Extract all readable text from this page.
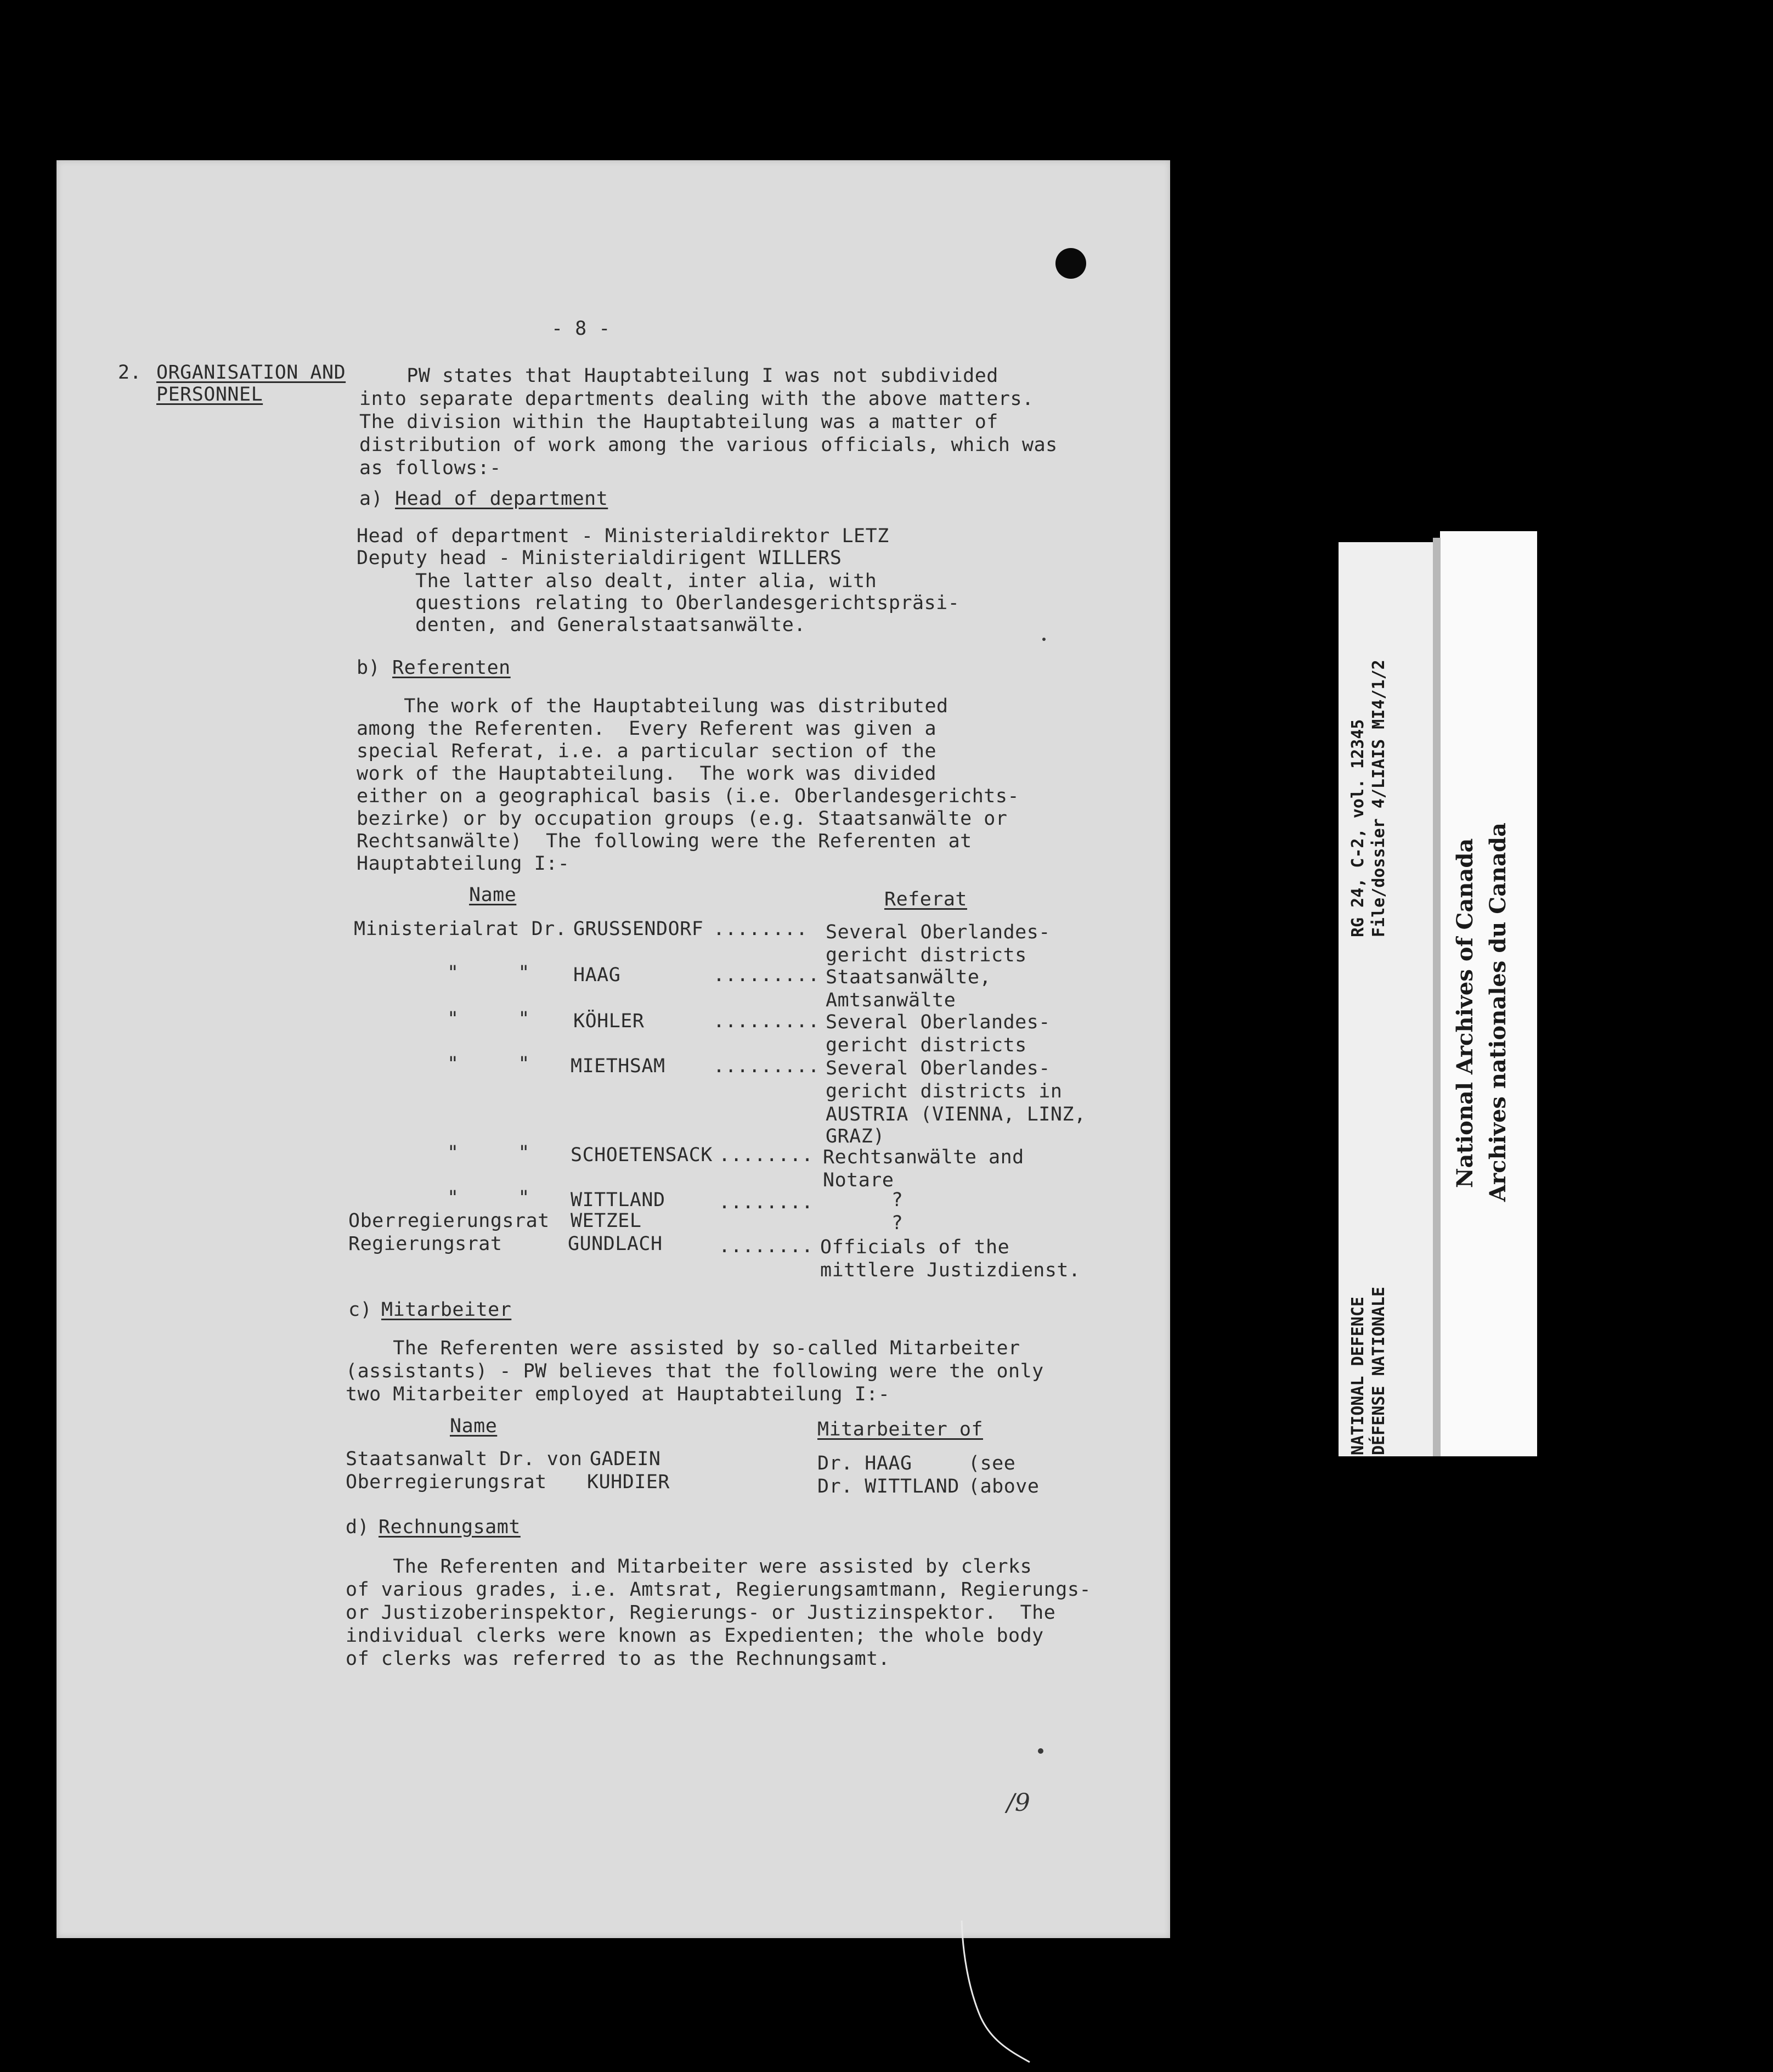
- 8 -
2. ORGANISATION AND
PERSONNEL
PW states that Hauptabteilung I was not subdivided
into separate departments dealing with the above matters.
The division within the Hauptabteilung was a matter of
distribution of work among the various officials, which was
as follows:-
a) Head of department
Head of department - Ministerialdirektor LETZ
Deputy head - Ministerialdirigent WILLERS
The latter also dealt, inter alia, with
questions relating to Oberlandesgerichtspräsi-
denten, and Generalstaatsanwälte.
b) Referenten
The work of the Hauptabteilung was distributed
among the Referenten.  Every Referent was given a
special Referat, i.e. a particular section of the
work of the Hauptabteilung.  The work was divided
either on a geographical basis (i.e. Oberlandesgerichts-
bezirke) or by occupation groups (e.g. Staatsanwälte or
Rechtsanwälte)  The following were the Referenten at
Hauptabteilung I:-
Name	Referat
Ministerialrat Dr. GRUSSENDORF ........ Several Oberlandes-
gericht districts
"     " HAAG	......... Staatsanwälte,
Amtsanwälte
"     " KÖHLER	......... Several Oberlandes-
gericht districts
"     " MIETHSAM ......... Several Oberlandes-
gericht districts in
AUSTRIA (VIENNA, LINZ,
GRAZ)
"     " SCHOETENSACK ........ Rechtsanwälte and
Notare
"     " WITTLAND	........ ?
Oberregierungsrat WETZEL	?
Regierungsrat	GUNDLACH	........ Officials of the
mittlere Justizdienst.
c)
Mitarbeiter
The Referenten were assisted by so-called Mitarbeiter
(assistants) - PW believes that the following were the only
two Mitarbeiter employed at Hauptabteilung I:-
Name	Mitarbeiter of
Staatsanwalt Dr. von GADEIN	Dr. HAAG	(see
Oberregierungsrat KUHDIER	Dr. WITTLAND (above
d)
Rechnungsamt
The Referenten and Mitarbeiter were assisted by clerks
of various grades, i.e. Amtsrat, Regierungsamtmann, Regierungs-
or Justizoberinspektor, Regierungs- or Justizinspektor.  The
individual clerks were known as Expedienten; the whole body
of clerks was referred to as the Rechnungsamt.
/9
RG 24, C-2, vol. 12345 File/dossier 4/LIAIS MI4/1/2
NATIONAL DEFENCE DÉFENSE NATIONALE
National Archives of Canada Archives nationales du Canada
